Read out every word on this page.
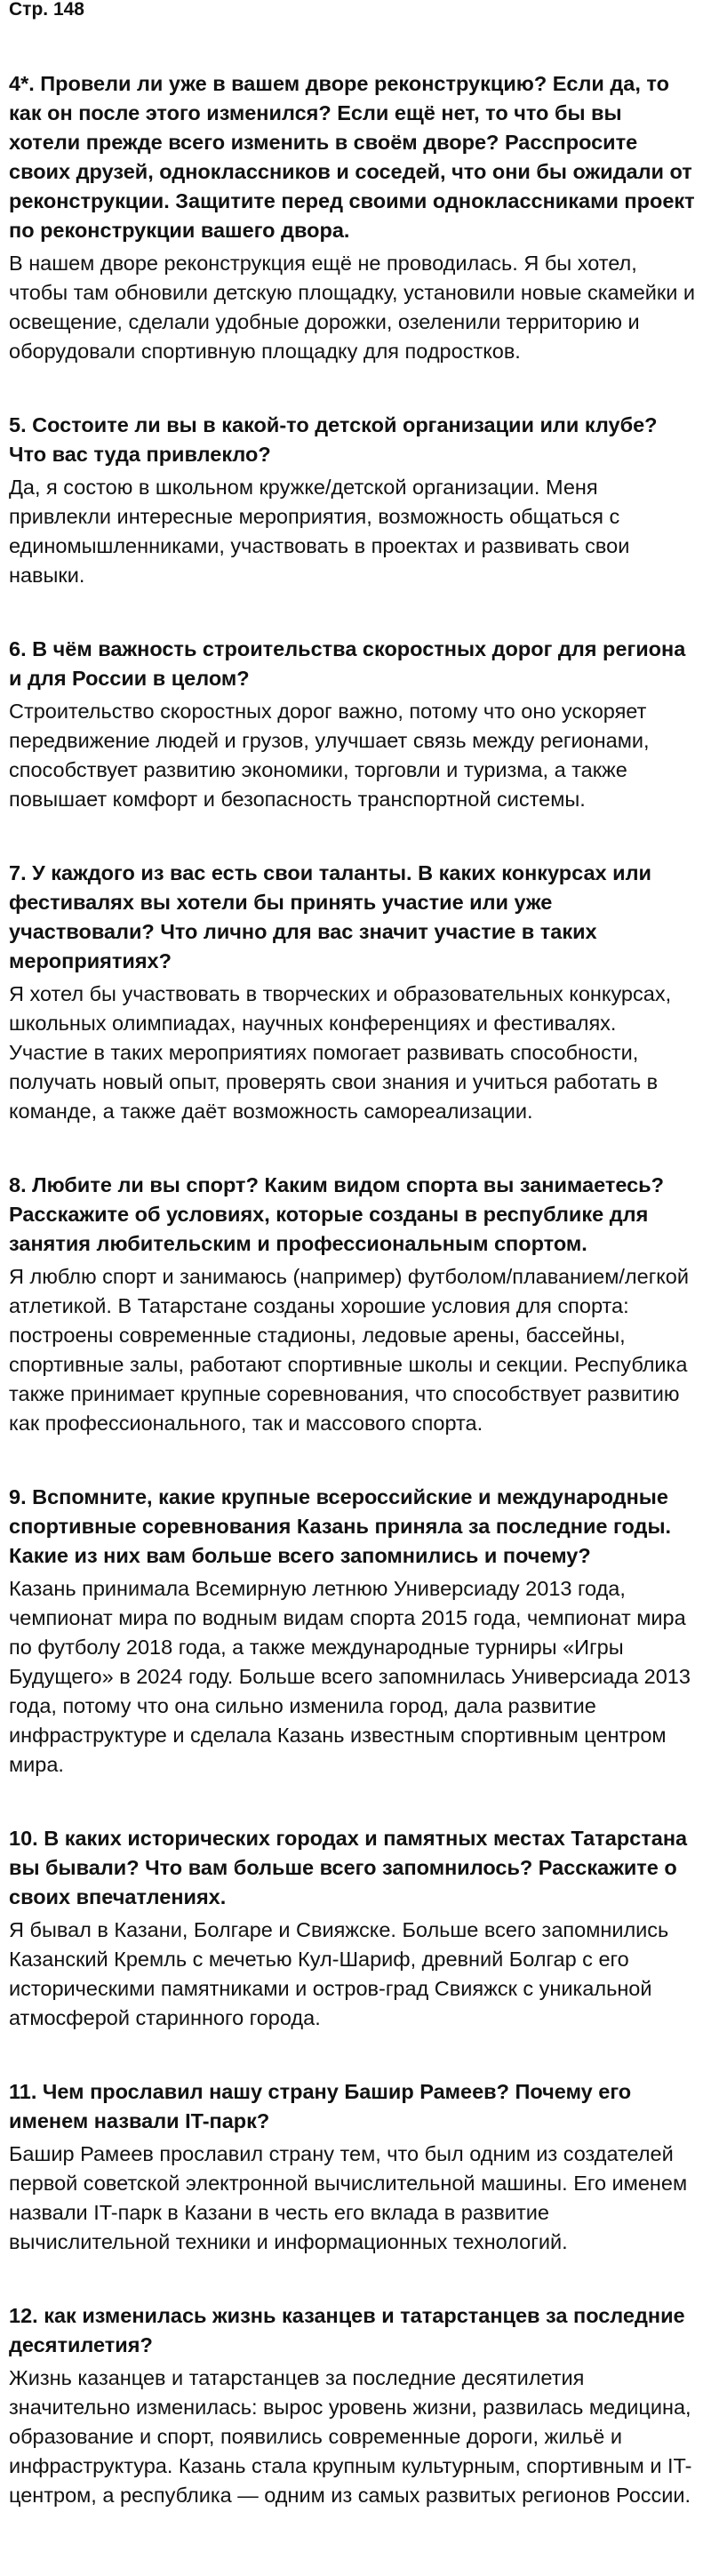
Стр. 148

4*. Провели ли уже в вашем дворе реконструкцию? Если да, то как он после этого изменился? Если ещё нет, то что бы вы хотели прежде всего изменить в своём дворе? Расспросите своих друзей, одноклассников и соседей, что они бы ожидали от реконструкции. Защитите перед своими одноклассниками проект по реконструкции вашего двора.

В нашем дворе реконструкция ещё не проводилась. Я бы хотел, чтобы там обновили детскую площадку, установили новые скамейки и освещение, сделали удобные дорожки, озеленили территорию и оборудовали спортивную площадку для подростков.

5. Состоите ли вы в какой-то детской организации или клубе? Что вас туда привлекло?

Да, я состою в школьном кружке/детской организации. Меня привлекли интересные мероприятия, возможность общаться с единомышленниками, участвовать в проектах и развивать свои навыки.

6. В чём важность строительства скоростных дорог для региона и для России в целом?

Строительство скоростных дорог важно, потому что оно ускоряет передвижение людей и грузов, улучшает связь между регионами, способствует развитию экономики, торговли и туризма, а также повышает комфорт и безопасность транспортной системы.

7. У каждого из вас есть свои таланты. В каких конкурсах или фестивалях вы хотели бы принять участие или уже участвовали? Что лично для вас значит участие в таких мероприятиях?

Я хотел бы участвовать в творческих и образовательных конкурсах, школьных олимпиадах, научных конференциях и фестивалях. Участие в таких мероприятиях помогает развивать способности, получать новый опыт, проверять свои знания и учиться работать в команде, а также даёт возможность самореализации.

8. Любите ли вы спорт? Каким видом спорта вы занимаетесь? Расскажите об условиях, которые созданы в республике для занятия любительским и профессиональным спортом.

Я люблю спорт и занимаюсь (например) футболом/плаванием/легкой атлетикой. В Татарстане созданы хорошие условия для спорта: построены современные стадионы, ледовые арены, бассейны, спортивные залы, работают спортивные школы и секции. Республика также принимает крупные соревнования, что способствует развитию как профессионального, так и массового спорта.

9. Вспомните, какие крупные всероссийские и международные спортивные соревнования Казань приняла за последние годы. Какие из них вам больше всего запомнились и почему?

Казань принимала Всемирную летнюю Универсиаду 2013 года, чемпионат мира по водным видам спорта 2015 года, чемпионат мира по футболу 2018 года, а также международные турниры «Игры Будущего» в 2024 году. Больше всего запомнилась Универсиада 2013 года, потому что она сильно изменила город, дала развитие инфраструктуре и сделала Казань известным спортивным центром мира.

10. В каких исторических городах и памятных местах Татарстана вы бывали? Что вам больше всего запомнилось? Расскажите о своих впечатлениях.

Я бывал в Казани, Болгаре и Свияжске. Больше всего запомнились Казанский Кремль с мечетью Кул-Шариф, древний Болгар с его историческими памятниками и остров-град Свияжск с уникальной атмосферой старинного города.

11. Чем прославил нашу страну Башир Рамеев? Почему его именем назвали IT-парк?

Башир Рамеев прославил страну тем, что был одним из создателей первой советской электронной вычислительной машины. Его именем назвали IT-парк в Казани в честь его вклада в развитие вычислительной техники и информационных технологий.

12. как изменилась жизнь казанцев и татарстанцев за последние десятилетия?

Жизнь казанцев и татарстанцев за последние десятилетия значительно изменилась: вырос уровень жизни, развилась медицина, образование и спорт, появились современные дороги, жильё и инфраструктура. Казань стала крупным культурным, спортивным и IT-центром, а республика — одним из самых развитых регионов России.
